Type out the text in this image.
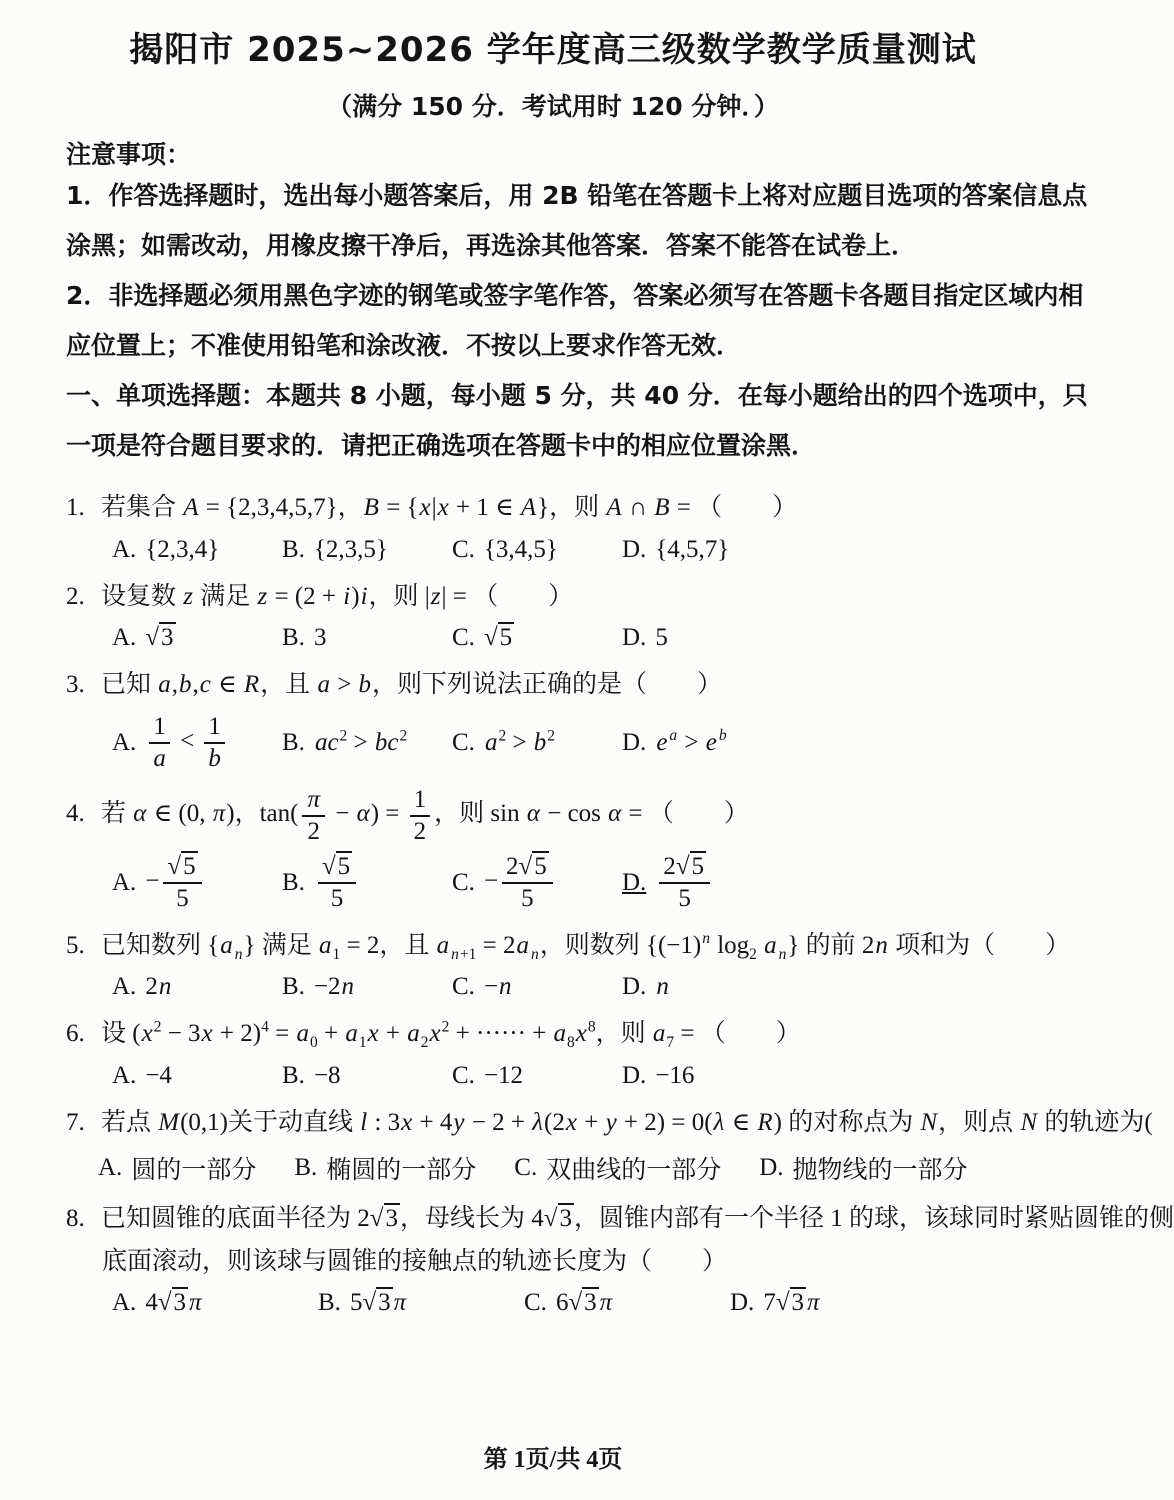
揭阳市 2025~2026 学年度高三级数学教学质量测试
（满分 150 分．考试用时 120 分钟．）
注意事项：

1．作答选择题时，选出每小题答案后，用 2B 铅笔在答题卡上将对应题目选项的答案信息点

涂黑；如需改动，用橡皮擦干净后，再选涂其他答案．答案不能答在试卷上．

2．非选择题必须用黑色字迹的钢笔或签字笔作答，答案必须写在答题卡各题目指定区域内相

应位置上；不准使用铅笔和涂改液．不按以上要求作答无效．

一、单项选择题：本题共 8 小题，每小题 5 分，共 40 分．在每小题给出的四个选项中，只

一项是符合题目要求的．请把正确选项在答题卡中的相应位置涂黑．

1. 若集合 A = {2,3,4,5,7}，B = {x|x + 1 ∈ A}，则 A ∩ B = （　　）
A. {2,3,4}	B. {2,3,5}	C. {3,4,5}	D. {4,5,7}
2. 设复数 z 满足 z = (2 + i)i，则 |z| = （　　）
A. √3	B. 3	C. √5	D. 5
3. 已知 a,b,c ∈ R，且 a > b，则下列说法正确的是（　　）
A. $\frac{1}{a} < \frac{1}{b} B$. $ac^2 > bc^2$ C. $a^2 > b^2$	D. e $^a$ > e $^b$
4. 若 α ∈ (0, π)，$\tan( \frac{\pi}{2} - \alpha) = \frac{1}{2}$ ，则 sin α − cos α = （　　）
A. − $\frac{√5}{5}$	B. $\frac{√5}{5}$	C. − $\frac{2√5}{5}$	D. $\frac{2√5}{5}$
5. 已知数列 {a $_n$} 满足 $a_1 = 2$，且 a $_{n+1}$ = 2a $_n$，则数列 {$(-1)^n$ $\log_2 a$ $_n$} 的前 2n 项和为（　　）
A. 2n	B. −2n	C. −n	D. n
6. 设 $(x^2 - 3x + 2)^4 = a_0 + a_1x + a_2x^2$ + ······ + $a_8x^8$，则 $a_7$ = （　　）
A. −4	B. −8	C. −12	D. −16
7. 若点 M(0,1)关于动直线 l : 3x + 4y − 2 + λ(2x + y + 2) = 0(λ ∈ R) 的对称点为 N，则点 N 的轨迹为(
A. 圆的一部分 B. 椭圆的一部分 C. 双曲线的一部分 D. 抛物线的一部分
8. 已知圆锥的底面半径为 2√3，母线长为 4√3，圆锥内部有一个半径 1 的球，该球同时紧贴圆锥的侧
底面滚动，则该球与圆锥的接触点的轨迹长度为（　　）
A. 4√3 π	B. 5√3 π	C. 6√3 π	D. 7√3 π
第 1页/共 4页
